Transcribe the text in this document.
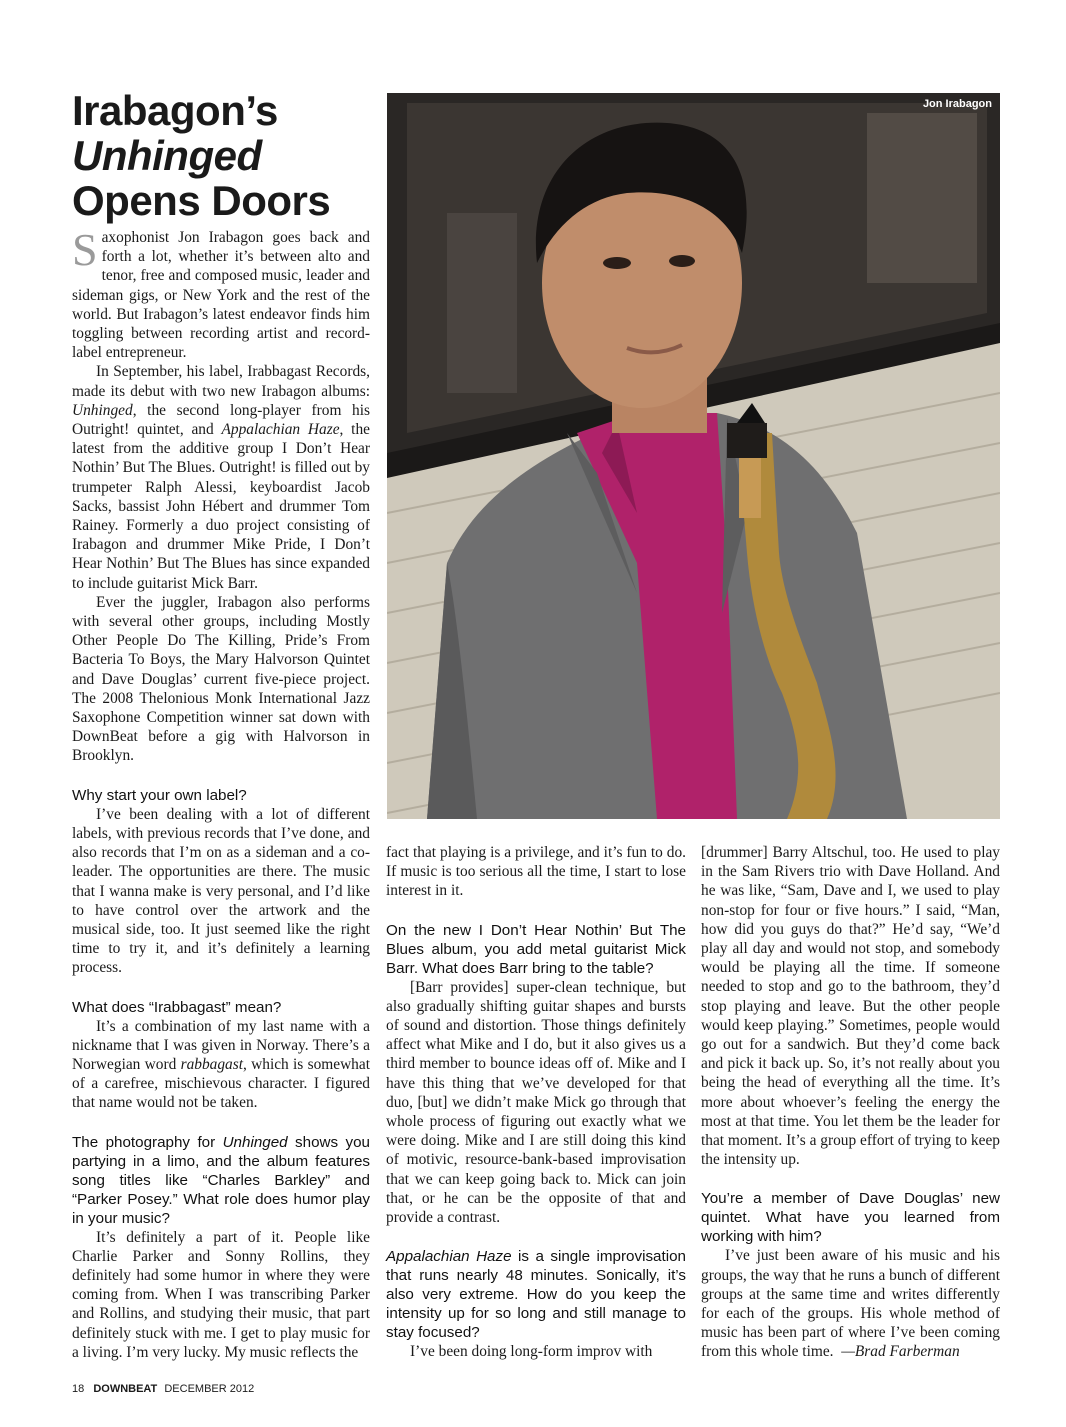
Irabagon’s
Unhinged
Opens Doors
Jon Irabagon

Saxophonist Jon Irabagon goes back and forth a lot, whether it’s between alto and tenor, free and composed music, leader and sideman gigs, or New York and the rest of the world. But Irabagon’s latest endeavor finds him toggling between recording artist and record-label entrepreneur.

In September, his label, Irabbagast Records, made its debut with two new Irabagon albums: Unhinged, the second long-player from his Outright! quintet, and Appalachian Haze, the latest from the additive group I Don’t Hear Nothin’ But The Blues. Outright! is filled out by trumpeter Ralph Alessi, keyboardist Jacob Sacks, bassist John Hébert and drummer Tom Rainey. Formerly a duo project consisting of Irabagon and drummer Mike Pride, I Don’t Hear Nothin’ But The Blues has since expanded to include guitarist Mick Barr.

Ever the juggler, Irabagon also performs with several other groups, including Mostly Other People Do The Killing, Pride’s From Bacteria To Boys, the Mary Halvorson Quintet and Dave Douglas’ current five-piece project. The 2008 Thelonious Monk International Jazz Saxophone Competition winner sat down with DownBeat before a gig with Halvorson in Brooklyn.

Why start your own label?

I’ve been dealing with a lot of different labels, with previous records that I’ve done, and also records that I’m on as a sideman and a co-leader. The opportunities are there. The music that I wanna make is very personal, and I’d like to have control over the artwork and the musical side, too. It just seemed like the right time to try it, and it’s definitely a learning process.

What does “Irabbagast” mean?

It’s a combination of my last name with a nickname that I was given in Norway. There’s a Norwegian word rabbagast, which is somewhat of a carefree, mischievous character. I figured that name would not be taken.

The photography for Unhinged shows you partying in a limo, and the album features song titles like “Charles Barkley” and “Parker Posey.” What role does humor play in your music?

It’s definitely a part of it. People like Charlie Parker and Sonny Rollins, they definitely had some humor in where they were coming from. When I was transcribing Parker and Rollins, and studying their music, that part definitely stuck with me. I get to play music for a living. I’m very lucky. My music reflects the

fact that playing is a privilege, and it’s fun to do. If music is too serious all the time, I start to lose interest in it.

On the new I Don’t Hear Nothin’ But The Blues album, you add metal guitarist Mick Barr. What does Barr bring to the table?

[Barr provides] super-clean technique, but also gradually shifting guitar shapes and bursts of sound and distortion. Those things definitely affect what Mike and I do, but it also gives us a third member to bounce ideas off of. Mike and I have this thing that we’ve developed for that duo, [but] we didn’t make Mick go through that whole process of figuring out exactly what we were doing. Mike and I are still doing this kind of motivic, resource-bank-based improvisation that we can keep going back to. Mick can join that, or he can be the opposite of that and provide a contrast.

Appalachian Haze is a single improvisation that runs nearly 48 minutes. Sonically, it’s also very extreme. How do you keep the intensity up for so long and still manage to stay focused?

I’ve been doing long-form improv with

[drummer] Barry Altschul, too. He used to play in the Sam Rivers trio with Dave Holland. And he was like, “Sam, Dave and I, we used to play non-stop for four or five hours.” I said, “Man, how did you guys do that?” He’d say, “We’d play all day and would not stop, and somebody would be playing all the time. If someone needed to stop and go to the bathroom, they’d stop playing and leave. But the other people would keep playing.” Sometimes, people would go out for a sandwich. But they’d come back and pick it back up. So, it’s not really about you being the head of everything all the time. It’s more about whoever’s feeling the energy the most at that time. You let them be the leader for that moment. It’s a group effort of trying to keep the intensity up.

You’re a member of Dave Douglas’ new quintet. What have you learned from working with him?

I’ve just been aware of his music and his groups, the way that he runs a bunch of different groups at the same time and writes differently for each of the groups. His whole method of music has been part of where I’ve been coming from this whole time. —Brad Farberman

18 DOWNBEAT DECEMBER 2012
